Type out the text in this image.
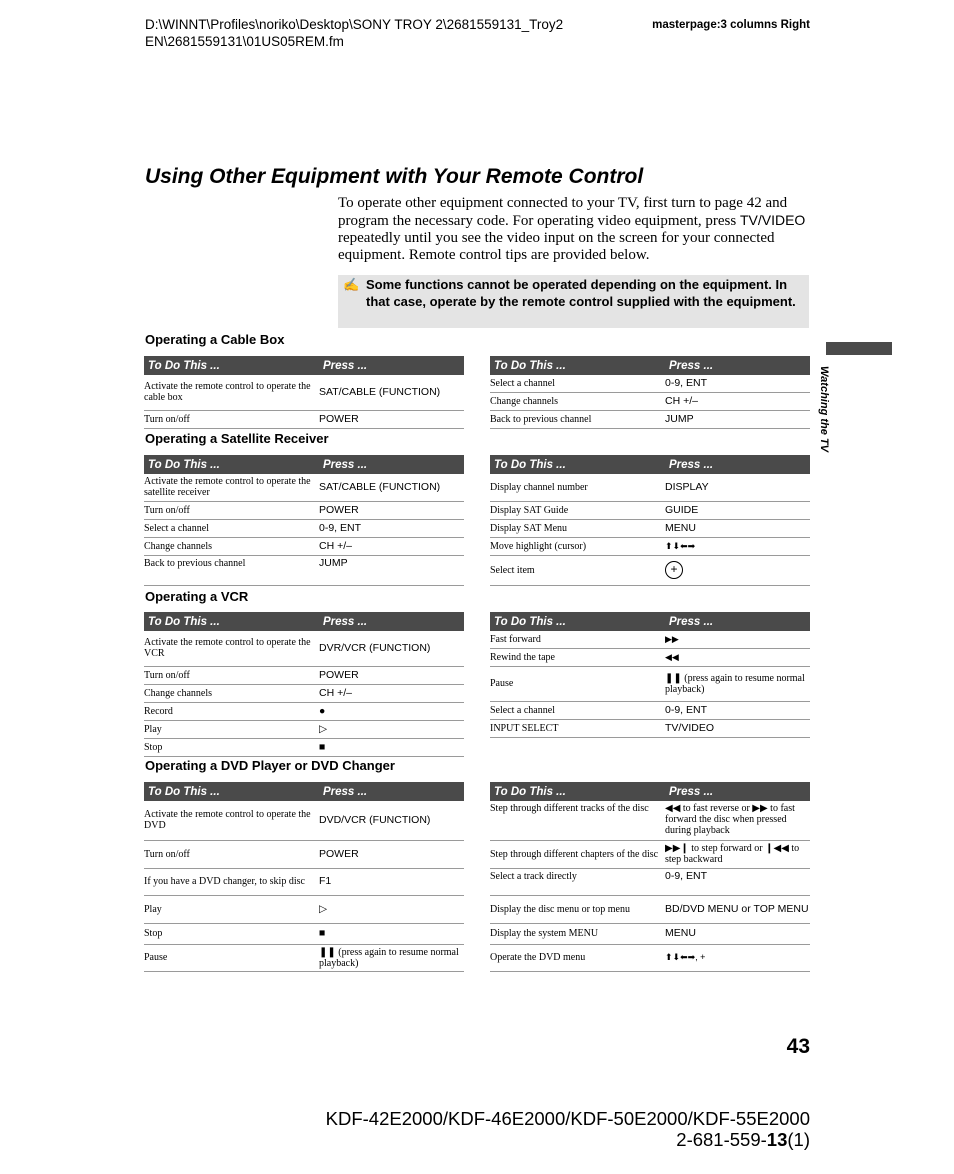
D:\WINNT\Profiles\noriko\Desktop\SONY TROY 2\2681559131_Troy2
EN\2681559131\01US05REM.fm
masterpage:3 columns Right
Using Other Equipment with Your Remote Control
To operate other equipment connected to your TV, first turn to page 42 and program the necessary code. For operating video equipment, press TV/VIDEO repeatedly until you see the video input on the screen for your connected equipment. Remote control tips are provided below.
✍ Some functions cannot be operated depending on the equipment. In that case, operate by the remote control supplied with the equipment.
Watching the TV
Operating a Cable Box
Operating a Satellite Receiver
Operating a VCR
Operating a DVD Player or DVD Changer
To Do This ...	Press ...
Activate the remote control to operate the cable box	SAT/CABLE (FUNCTION)
Turn on/off	POWER
To Do This ...	Press ...
Select a channel	0-9, ENT
Change channels	CH +/–
Back to previous channel	JUMP
To Do This ...	Press ...
Activate the remote control to operate the satellite receiver	SAT/CABLE (FUNCTION)
Turn on/off	POWER
Select a channel	0-9, ENT
Change channels	CH +/–
Back to previous channel	JUMP
To Do This ...	Press ...
Display channel number	DISPLAY
Display SAT Guide	GUIDE
Display SAT Menu	MENU
Move highlight (cursor)	⬆⬇⬅➡
Select item	+
To Do This ...	Press ...
Activate the remote control to operate the VCR	DVR/VCR (FUNCTION)
Turn on/off	POWER
Change channels	CH +/–
Record	●
Play	▷
Stop	■
To Do This ...	Press ...
Fast forward	▶▶
Rewind the tape	◀◀
Pause	❚❚ (press again to resume normal playback)
Select a channel	0-9, ENT
INPUT SELECT	TV/VIDEO
To Do This ...	Press ...
Activate the remote control to operate the DVD	DVD/VCR (FUNCTION)
Turn on/off	POWER
If you have a DVD changer, to skip disc	F1
Play	▷
Stop	■
Pause	❚❚ (press again to resume normal playback)
To Do This ...	Press ...
Step through different tracks of the disc	◀◀ to fast reverse or ▶▶ to fast forward the disc when pressed during playback
Step through different chapters of the disc	▶▶❙ to step forward or ❙◀◀ to step backward
Select a track directly	0-9, ENT
Display the disc menu or top menu	BD/DVD MENU or TOP MENU
Display the system MENU	MENU
Operate the DVD menu	⬆⬇⬅➡, +
43
KDF-42E2000/KDF-46E2000/KDF-50E2000/KDF-55E2000
2-681-559-13(1)
